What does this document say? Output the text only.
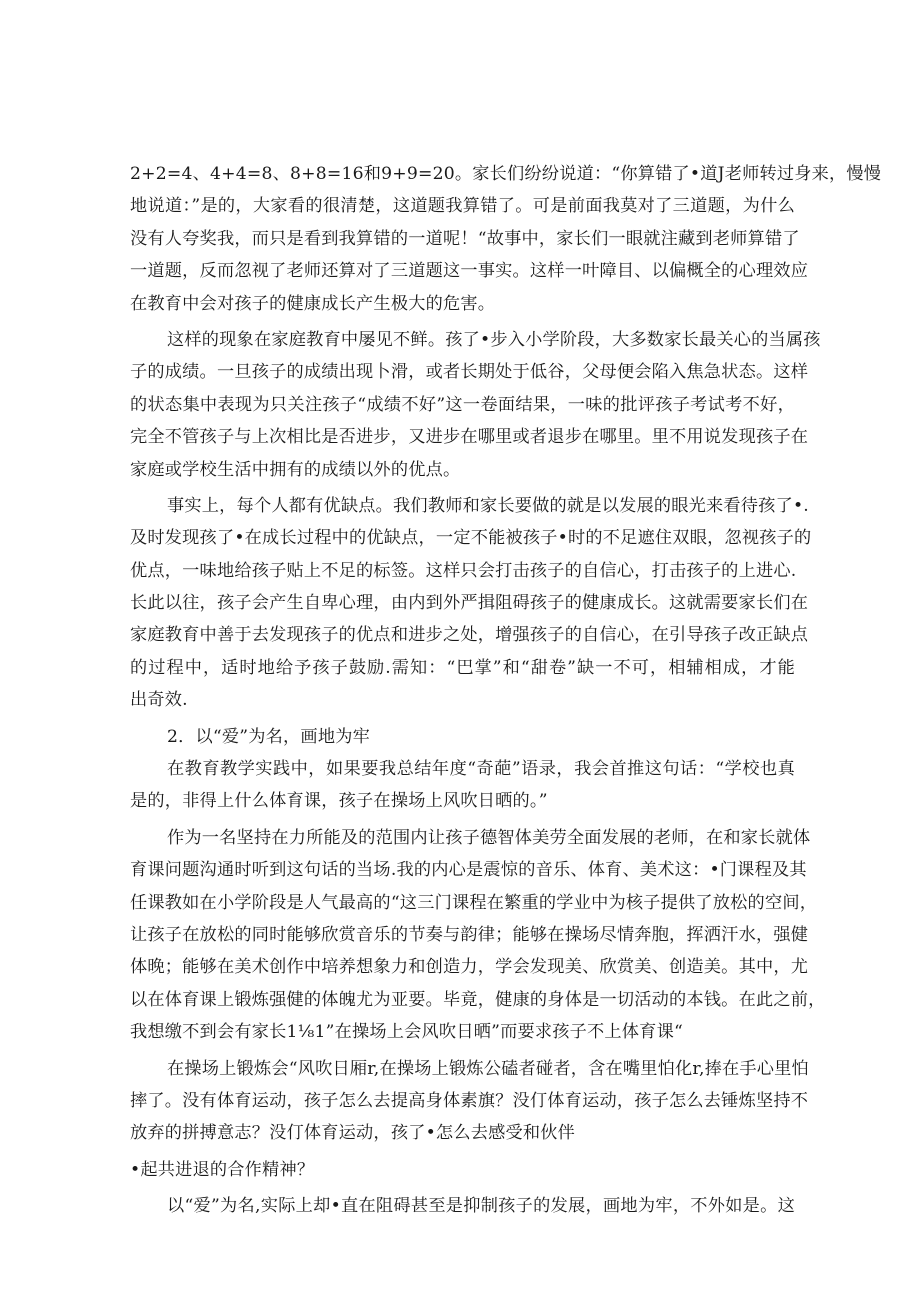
2+2=4、4+4=8、8+8=16和9+9=20。家长们纷纷说道：“你算错了•道J老师转过身来，慢慢
地说道：”是的，大家看的很清楚，这道题我算错了。可是前面我莫对了三道题，为什么
没有人夸奖我，而只是看到我算错的一道呢！“故事中，家长们一眼就注藏到老师算错了
一道题，反而忽视了老师还算对了三道题这一事实。这样一叶障目、以偏概全的心理效应
在教育中会对孩子的健康成长产生极大的危害。
这样的现象在家庭教育中屡见不鲜。孩了•步入小学阶段，大多数家长最关心的当属孩
子的成绩。一旦孩子的成绩出现卜滑，或者长期处于低谷，父母便会陷入焦急状态。这样
的状态集中表现为只关注孩子“成绩不好”这一卷面结果，一味的批评孩子考试考不好，
完全不管孩子与上次相比是否进步，又进步在哪里或者退步在哪里。里不用说发现孩子在
家庭或学校生活中拥有的成绩以外的优点。
事实上，每个人都有优缺点。我们教师和家长要做的就是以发展的眼光来看待孩了•.
及时发现孩了•在成长过程中的优缺点，一定不能被孩子•时的不足遮住双眼，忽视孩子的
优点，一味地给孩子贴上不足的标签。这样只会打击孩子的自信心，打击孩子的上进心.
长此以往，孩子会产生自卑心理，由内到外严揖阻碍孩子的健康成长。这就需要家长们在
家庭教育中善于去发现孩子的优点和进步之处，增强孩子的自信心，在引导孩子改正缺点
的过程中，适时地给予孩子鼓励.需知：“巴掌”和“甜卷”缺一不可，相辅相成，才能
出奇效.
2．以“爱”为名，画地为牢
在教育教学实践中，如果要我总结年度“奇葩”语录，我会首推这句话：“学校也真
是的，非得上什么体育课，孩子在操场上风吹日晒的。”
作为一名坚持在力所能及的范围内让孩子德智体美劳全面发展的老师，在和家长就体
育课问题沟通时听到这句话的当场.我的内心是震惊的音乐、体育、美术这：•门课程及其
任课教如在小学阶段是人气最高的“这三门课程在繁重的学业中为核子提供了放松的空间，
让孩子在放松的同时能够欣赏音乐的节奏与韵律；能够在操场尽情奔胞，挥洒汗水，强健
体晚；能够在美术创作中培养想象力和创造力，学会发现美、欣赏美、创造美。其中，尤
以在体育课上锻炼强健的体魄尤为亚要。毕竟，健康的身体是一切活动的本钱。在此之前，
我想缴不到会有家长1⅛1”在操场上会风吹日晒”而要求孩子不上体育课“
在操场上锻炼会“风吹日厢r,在操场上锻炼公磕者碰者，含在嘴里怕化r,捧在手心里怕
摔了。没有体育运动，孩子怎么去提高身体素旗？没仃体育运动，孩子怎么去锤炼坚持不
放弃的拼搏意志？没仃体育运动，孩了•怎么去感受和伙伴
•起共进退的合作精神？
以“爱”为名,实际上却•直在阻碍甚至是抑制孩子的发展，画地为牢，不外如是。这
